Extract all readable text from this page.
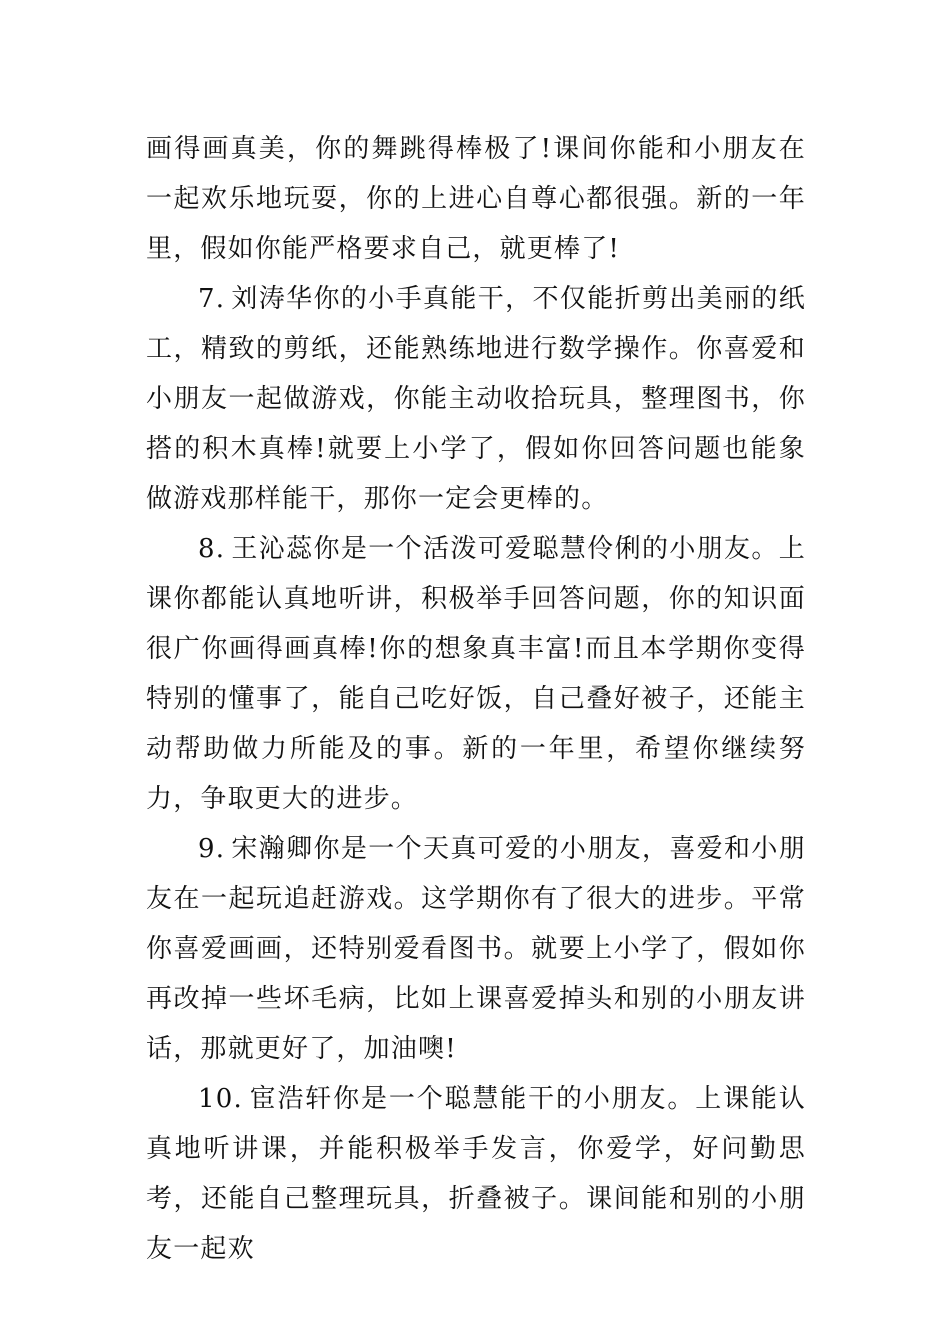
画得画真美，你的舞跳得棒极了!课间你能和小朋友在一起欢乐地玩耍，你的上进心自尊心都很强。新的一年里，假如你能严格要求自己，就更棒了!

7. 刘涛华你的小手真能干，不仅能折剪出美丽的纸工，精致的剪纸，还能熟练地进行数学操作。你喜爱和小朋友一起做游戏，你能主动收拾玩具，整理图书，你搭的积木真棒!就要上小学了，假如你回答问题也能象做游戏那样能干，那你一定会更棒的。

8. 王沁蕊你是一个活泼可爱聪慧伶俐的小朋友。上课你都能认真地听讲，积极举手回答问题，你的知识面很广你画得画真棒!你的想象真丰富!而且本学期你变得特别的懂事了，能自己吃好饭，自己叠好被子，还能主动帮助做力所能及的事。新的一年里，希望你继续努力，争取更大的进步。

9. 宋瀚卿你是一个天真可爱的小朋友，喜爱和小朋友在一起玩追赶游戏。这学期你有了很大的进步。平常你喜爱画画，还特别爱看图书。就要上小学了，假如你再改掉一些坏毛病，比如上课喜爱掉头和别的小朋友讲话，那就更好了，加油噢!

10. 宦浩轩你是一个聪慧能干的小朋友。上课能认真地听讲课，并能积极举手发言，你爱学，好问勤思考，还能自己整理玩具，折叠被子。课间能和别的小朋友一起欢
